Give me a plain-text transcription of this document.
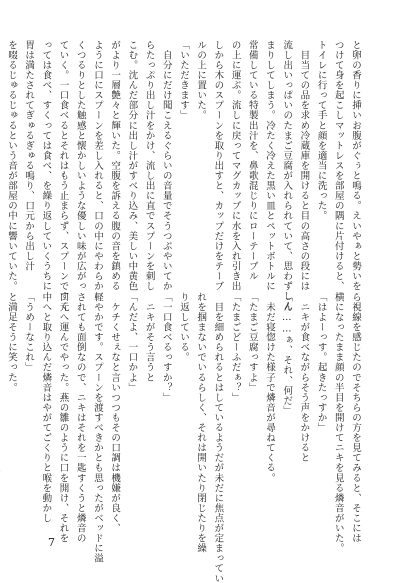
と卵の香りに挿いお腹がぐぅと鳴る。えいやぁと勢いを
つけて身を起こしマットレスを部屋の隅に片付けると、
トイレに行って手と顔を適当に洗った。
　目当ての品を求め冷蔵庫を開けると目の高さの段には
流し出いっぱいのたまご豆腐が入れられていて、思わずしん
まりしてしまう。冷たく冷えた黒い皿とペットボトルに
常備している特製出汁を、鼻歌混じりにローテーブル
の上に運ぶ。流しに戻ってマグカップに水を入れ引き出
しから木のスプーンを取り出すと、カップだけをテーブ
ルの上に置いた。
「いただきます」
　自分にだけ聞こえるぐらいの音量でそうつぶやいてか
らたっぷり出し汁をかけ、流し出に直でスプーンを刺し
こむ。沈んだ部分に出し汁がすべり込み、美しい中黄色
がより一層艶々と輝いた。空腹を訴える腹の音を鎮める
ように口にスプーンを差し入れると、口の中にやわらか
くつるりとした触感と懐かしいような優しい味が広がっ
ていく。一口食べるとそれはもう止まらず、スプーンですく
っては食べ、すくっては食べ、を繰り返していくうちに
胃は満たされてぎゅるぎゅる鳴り、口元から出し汁
を啜るじゅるじゅるという音が部屋の中に響いていた。
ら視線を感じたのでそちらの方を見てみると、そこには
横になったまま顔の半目を開けてニキを見る燐音がいた。
「はよーっす。起きたっすか」
　ニキが食べながらそう声をかけると
「ん……ぁ、それ、何だ」
　未だ寝惚けた様子で燐音が尋ねてくる。
「たまご豆腐っすよ」
「たまごどーふだぁ？」
　目を細められるとはしているようだが未だに焦点が定まってい
れを掴まないでいるらしく、それは開いたり閉じたりを繰
り返している。
「一口食べるっすか？」
　ニキがそう言うと
「んだよ、一口かよ」
　ケチくせぇなと言いつつもその口調は機嫌が良く、
軽やかです。スプーンを渡すべきかとも思ったがベッドに溢
されても面倒なので、ニキはそれを一匙すくうと燐音の
口元へ運んでやった。燕の雛のように口を開け、それを
中へと取り込んだ燐音はやがてごくりと喉を動かし
「うめーなこれ」
と満足そうに笑った。
7
